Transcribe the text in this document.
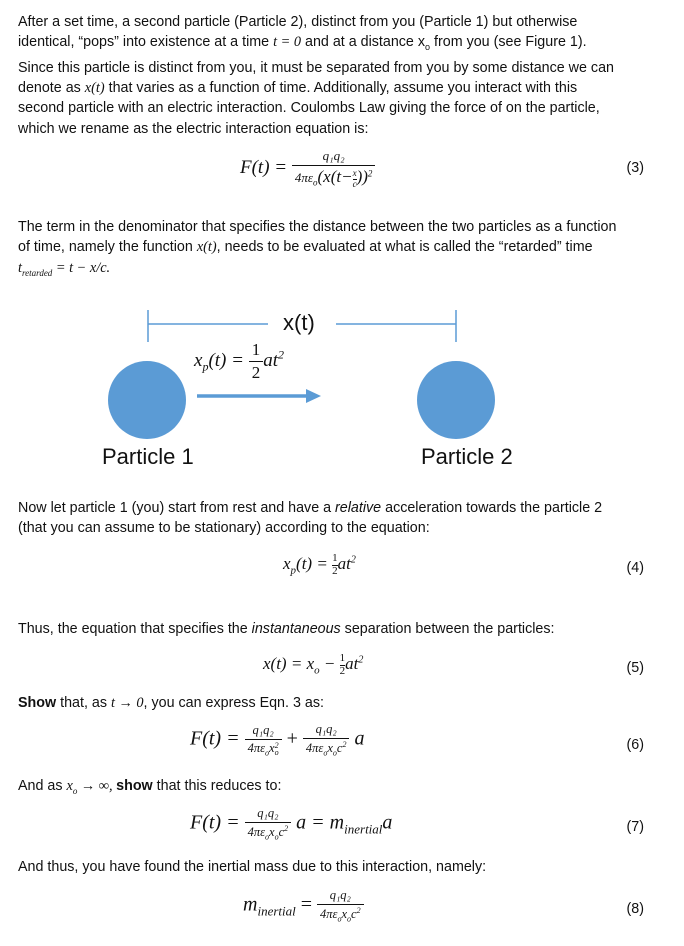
After a set time, a second particle (Particle 2), distinct from you (Particle 1) but otherwise
identical, “pops” into existence at a time t = 0 and at a distance $x_o$ from you (see Figure 1).
Since this particle is distinct from you, it must be separated from you by some distance we can
denote as x(t) that varies as a function of time. Additionally, assume you interact with this
second particle with an electric interaction. Coulombs Law giving the force of on the particle,
which we rename as the electric interaction equation is:
$F(t) = \frac{\text{q₁q₂}}{4\pi\varepsilon_o(x(t- \frac{x}{c} ))^2}$	(3)
The term in the denominator that specifies the distance between the two particles as a function
of time, namely the function x(t), needs to be evaluated at what is called the “retarded” time
$t_{retarded} = t - x/c$.
x(t)
$x_p(t) = \frac{1}{2} at^2$
Particle 1	Particle 2
Now let particle 1 (you) start from rest and have a relative acceleration towards the particle 2
(that you can assume to be stationary) according to the equation:
$x_p(t) = \frac{1}{2} at^2$
(4)
Thus, the equation that specifies the instantaneous separation between the particles:
$x(t) = x_o - \frac{1}{2} at^2$
(5)
Show that, as t → 0, you can express Eqn. 3 as:
F(t) = q₁q₂
$4\pi\varepsilon_ox$ 2
$o + \frac{\text{q₁q₂}}{4\pi\varepsilon_ox_oc^2}$ a	(6)
And as $x_o$ → ∞, show that this reduces to:
$F(t) = \frac{\text{q₁q₂}}{4\pi\varepsilon_ox_oc^2}$ $a = m_{inertial}a$	(7)
And thus, you have found the inertial mass due to this interaction, namely:
$m_{inertial} = \frac{\text{q₁q₂}}{4\pi\varepsilon_ox_oc^2}$	(8)
